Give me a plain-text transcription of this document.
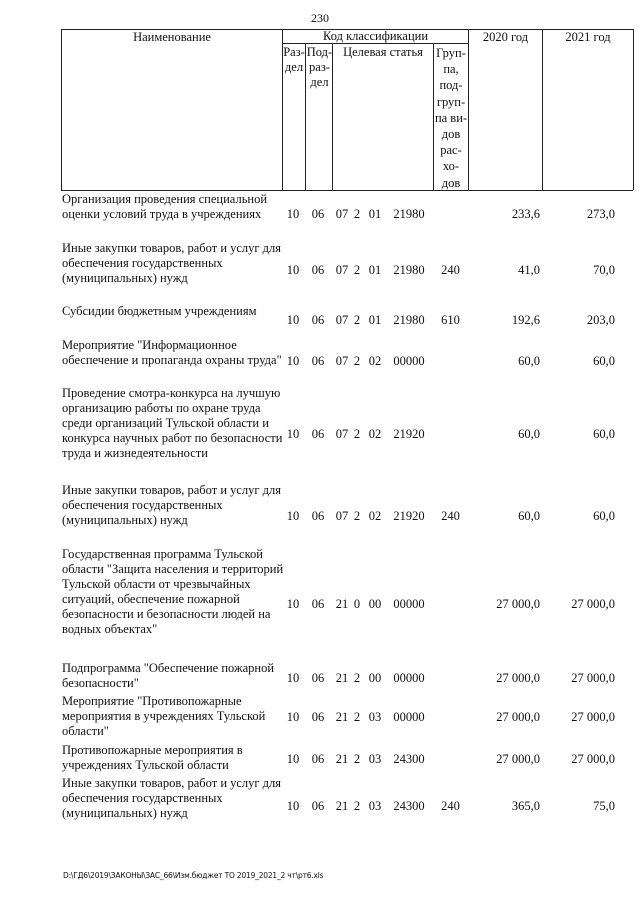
230
Наименование	Код классификации
Раз-
дел
Под-
раз-
дел
Целевая статья	Груп-
па,
под-
груп-
па ви-
дов
рас-
хо-
дов
2020 год	2021 год
Организация проведения специальной оценки условий труда в учреждениях	10	06 07 2 01 21980	233,6	273,0
Иные закупки товаров, работ и услуг для обеспечения государственных (муниципальных) нужд
10	06 07 2 01 21980	240	41,0	70,0
Субсидии бюджетным учреждениям
10	06 07 2 01 21980	610	192,6	203,0
Мероприятие "Информационное обеспечение и пропаганда охраны труда" 10	06 07 2 02 00000	60,0	60,0
Проведение смотра-конкурса на лучшую организацию работы по охране труда среди организаций Тульской области и конкурса научных работ по безопасности труда и жизнедеятельности
10	06 07 2 02 21920	60,0	60,0
Иные закупки товаров, работ и услуг для обеспечения государственных (муниципальных) нужд	10	06 07 2 02 21920	240	60,0	60,0
Государственная программа Тульской области "Защита населения и территорий Тульской области от чрезвычайных ситуаций, обеспечение пожарной безопасности и безопасности людей на водных объектах"
10	06 21 0 00 00000	27 000,0	27 000,0
Подпрограмма "Обеспечение пожарной безопасности"	10	06 21 2 00 00000	27 000,0	27 000,0
Мероприятие "Противопожарные мероприятия в учреждениях Тульской области"
10	06 21 2 03 00000	27 000,0	27 000,0
Противопожарные мероприятия в учреждениях Тульской области	10	06 21 2 03 24300	27 000,0	27 000,0
Иные закупки товаров, работ и услуг для обеспечения государственных (муниципальных) нужд	10	06 21 2 03 24300	240	365,0	75,0
D:\ГД6\2019\ЗАКОНЫ\ЗАС_66\Изм.бюджет ТО 2019_2021_2 чт\рт6.xls
